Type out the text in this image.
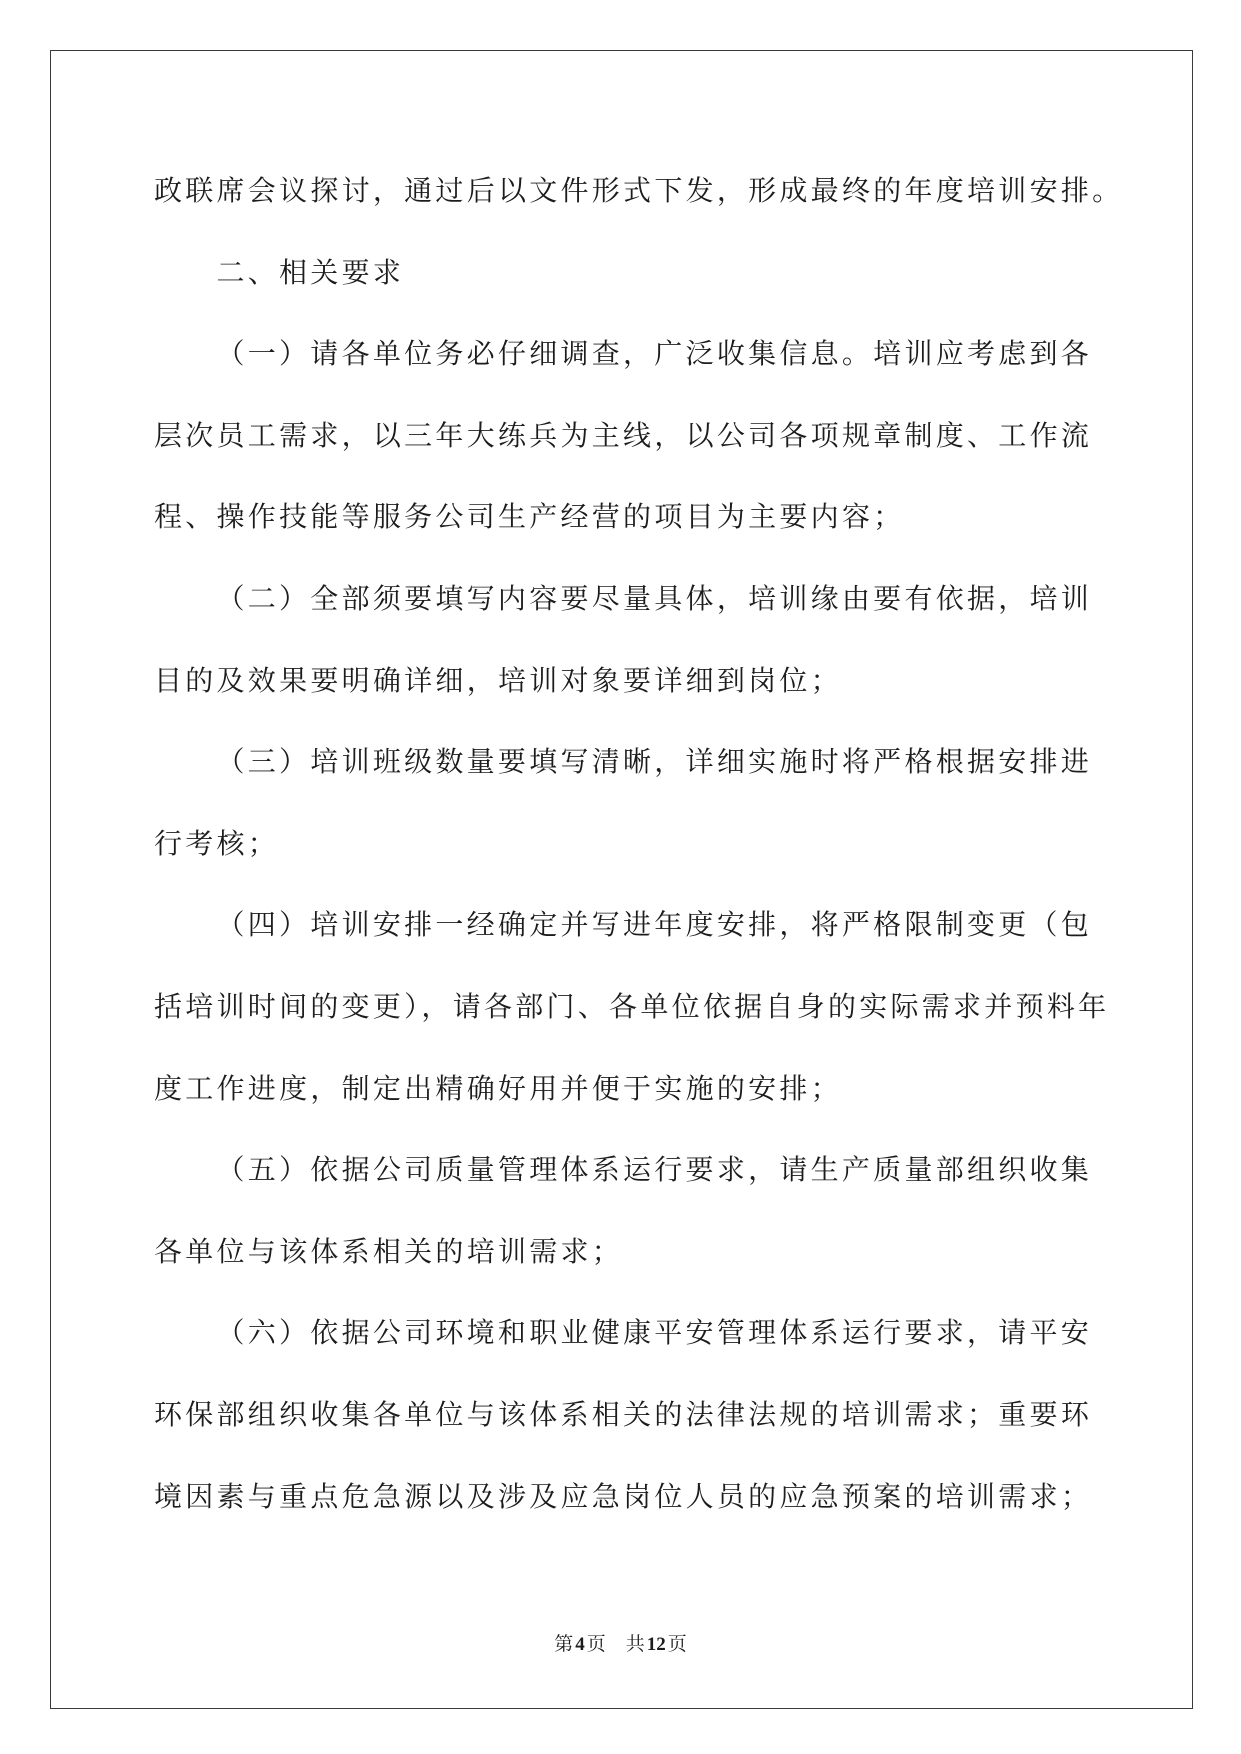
政联席会议探讨，通过后以文件形式下发，形成最终的年度培训安排。
二、相关要求
（一）请各单位务必仔细调查，广泛收集信息。培训应考虑到各
层次员工需求，以三年大练兵为主线，以公司各项规章制度、工作流
程、操作技能等服务公司生产经营的项目为主要内容；
（二）全部须要填写内容要尽量具体，培训缘由要有依据，培训
目的及效果要明确详细，培训对象要详细到岗位；
（三）培训班级数量要填写清晰，详细实施时将严格根据安排进
行考核；
（四）培训安排一经确定并写进年度安排，将严格限制变更（包
括培训时间的变更），请各部门、各单位依据自身的实际需求并预料年
度工作进度，制定出精确好用并便于实施的安排；
（五）依据公司质量管理体系运行要求，请生产质量部组织收集
各单位与该体系相关的培训需求；
（六）依据公司环境和职业健康平安管理体系运行要求，请平安
环保部组织收集各单位与该体系相关的法律法规的培训需求；重要环
境因素与重点危急源以及涉及应急岗位人员的应急预案的培训需求；
第 4 页 共 12 页
